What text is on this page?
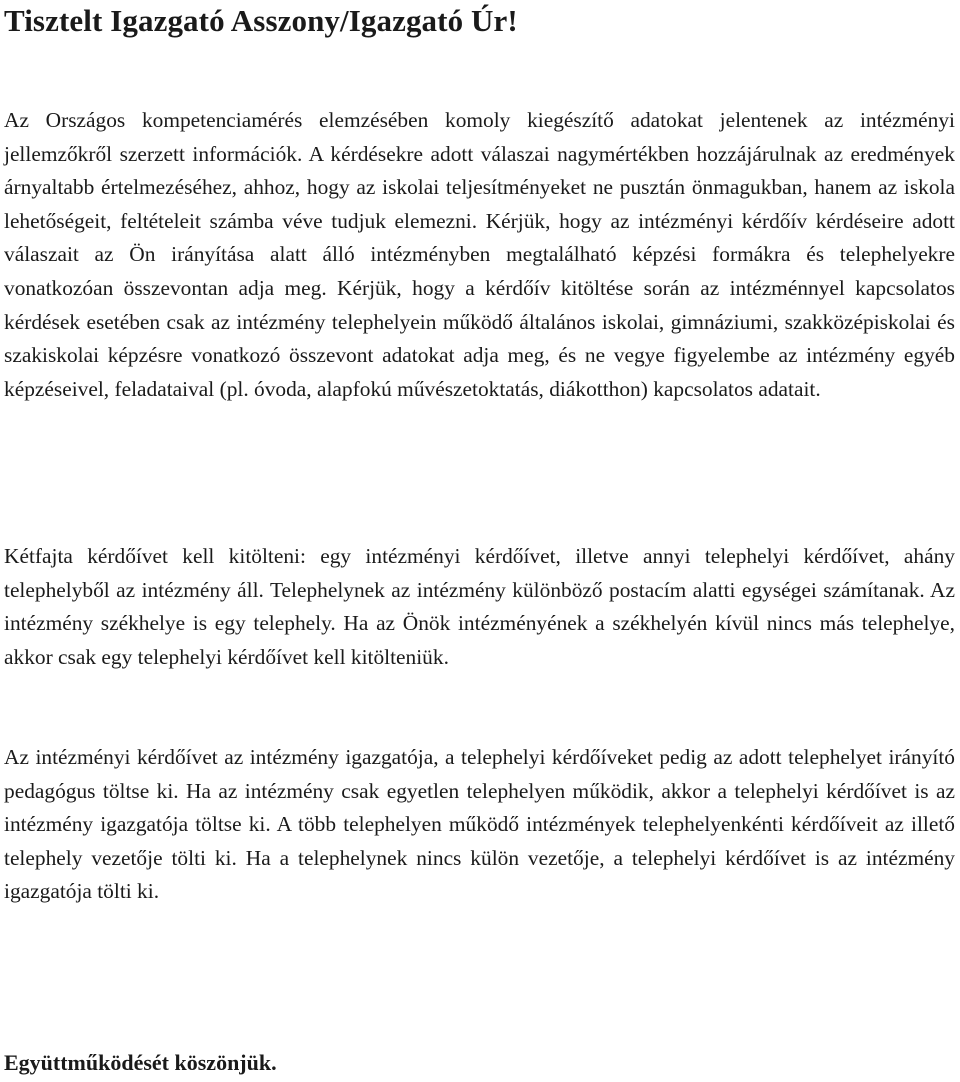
Tisztelt Igazgató Asszony/Igazgató Úr!

Az Országos kompetenciamérés elemzésében komoly kiegészítő adatokat jelentenek az intézményi jellemzőkről szerzett információk. A kérdésekre adott válaszai nagymértékben hozzájárulnak az eredmények árnyaltabb értelmezéséhez, ahhoz, hogy az iskolai teljesítményeket ne pusztán önmagukban, hanem az iskola lehetőségeit, feltételeit számba véve tudjuk elemezni. Kérjük, hogy az intézményi kérdőív kérdéseire adott válaszait az Ön irányítása alatt álló intézményben megtalálható képzési formákra és telephelyekre vonatkozóan összevontan adja meg. Kérjük, hogy a kérdőív kitöltése során az intézménnyel kapcsolatos kérdések esetében csak az intézmény telephelyein működő általános iskolai, gimnáziumi, szakközépiskolai és szakiskolai képzésre vonatkozó összevont adatokat adja meg, és ne vegye figyelembe az intézmény egyéb képzéseivel, feladataival (pl. óvoda, alapfokú művészetoktatás, diákotthon) kapcsolatos adatait.

Kétfajta kérdőívet kell kitölteni: egy intézményi kérdőívet, illetve annyi telephelyi kérdőívet, ahány telephelyből az intézmény áll. Telephelynek az intézmény különböző postacím alatti egységei számítanak. Az intézmény székhelye is egy telephely. Ha az Önök intézményének a székhelyén kívül nincs más telephelye, akkor csak egy telephelyi kérdőívet kell kitölteniük.

Az intézményi kérdőívet az intézmény igazgatója, a telephelyi kérdőíveket pedig az adott telephelyet irányító pedagógus töltse ki. Ha az intézmény csak egyetlen telephelyen működik, akkor a telephelyi kérdőívet is az intézmény igazgatója töltse ki. A több telephelyen működő intézmények telephelyenkénti kérdőíveit az illető telephely vezetője tölti ki. Ha a telephelynek nincs külön vezetője, a telephelyi kérdőívet is az intézmény igazgatója tölti ki.

Együttműködését köszönjük.
